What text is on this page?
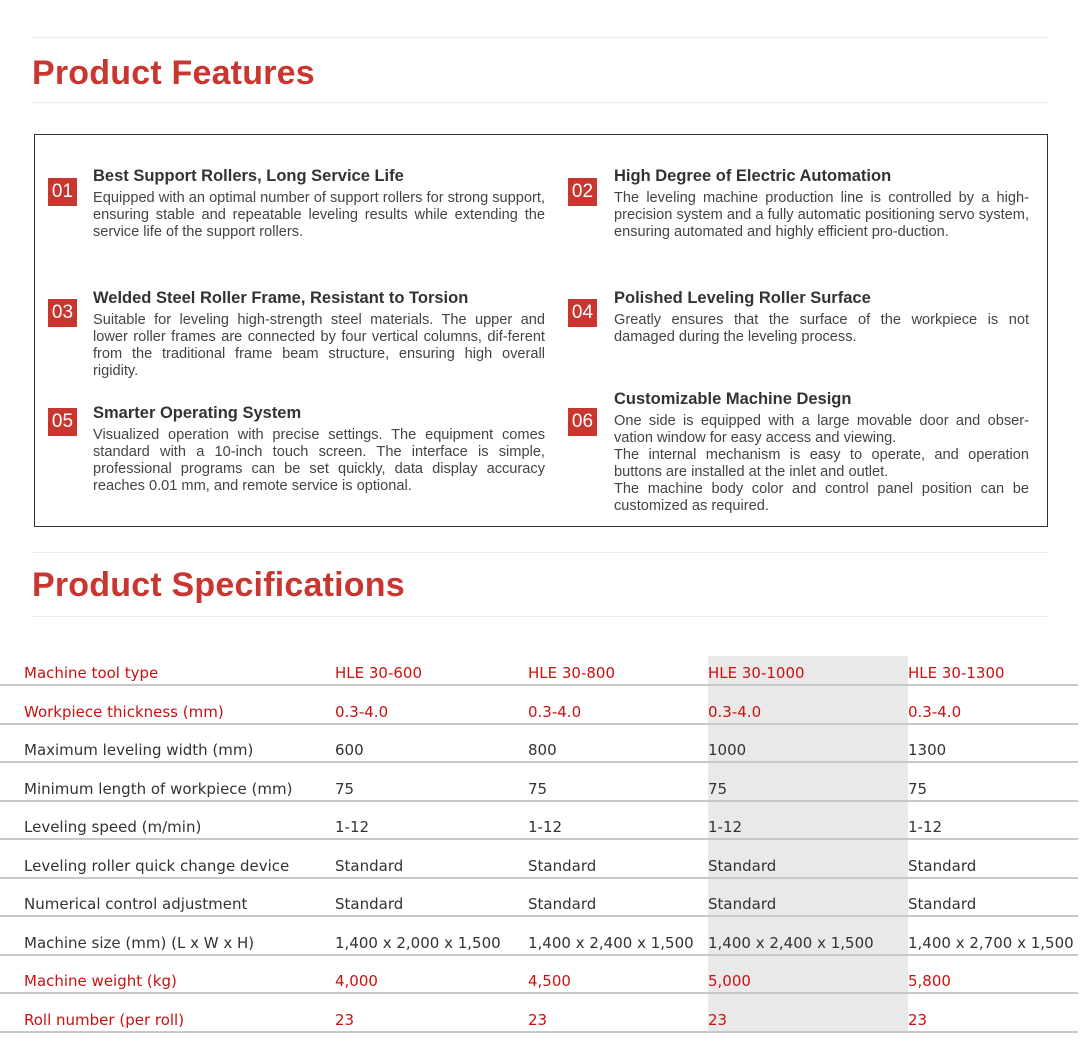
Product Features
01
Best Support Rollers, Long Service Life

Equipped with an optimal number of support rollers for strong support, ensuring stable and repeatable leveling results while extending the service life of the support rollers.

02
High Degree of Electric Automation

The leveling machine production line is controlled by a high-precision system and a fully automatic positioning servo system, ensuring automated and highly efficient pro-duction.

03
Welded Steel Roller Frame, Resistant to Torsion

Suitable for leveling high-strength steel materials. The upper and lower roller frames are connected by four vertical columns, dif-ferent from the traditional frame beam structure, ensuring high overall rigidity.

04
Polished Leveling Roller Surface

Greatly ensures that the surface of the workpiece is not damaged during the leveling process.

05 Smarter Operating System

Visualized operation with precise settings. The equipment comes standard with a 10-inch touch screen. The interface is simple, professional programs can be set quickly, data display accuracy reaches 0.01 mm, and remote service is optional.

06
Customizable Machine Design

One side is equipped with a large movable door and obser-vation window for easy access and viewing.
The internal mechanism is easy to operate, and operation buttons are installed at the inlet and outlet.
The machine body color and control panel position can be customized as required.

Product Specifications
Machine tool type	HLE 30-600	HLE 30-800	HLE 30-1000	HLE 30-1300
Workpiece thickness (mm)	0.3-4.0	0.3-4.0	0.3-4.0	0.3-4.0
Maximum leveling width (mm)	600	800	1000	1300
Minimum length of workpiece (mm)	75	75	75	75
Leveling speed (m/min)	1-12	1-12	1-12	1-12
Leveling roller quick change device	Standard	Standard	Standard	Standard
Numerical control adjustment	Standard	Standard	Standard	Standard
Machine size (mm) (L x W x H)	1,400 x 2,000 x 1,500	1,400 x 2,400 x 1,500	1,400 x 2,400 x 1,500	1,400 x 2,700 x 1,500
Machine weight (kg)	4,000	4,500	5,000	5,800
Roll number (per roll)	23	23	23	23
